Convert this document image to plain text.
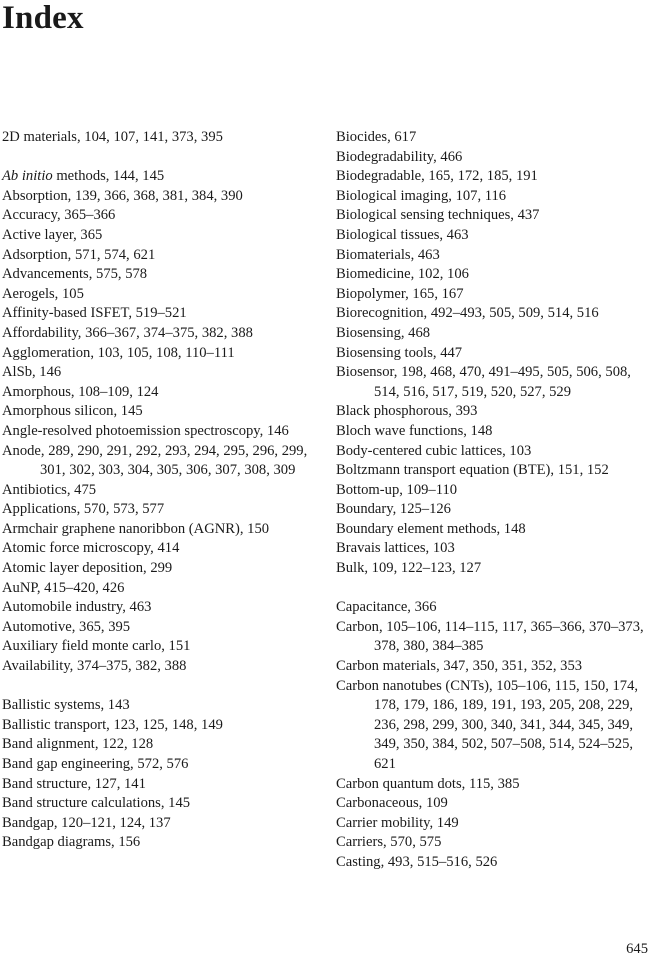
Index
2D materials, 104, 107, 141, 373, 395
Ab initio methods, 144, 145
Absorption, 139, 366, 368, 381, 384, 390
Accuracy, 365–366
Active layer, 365
Adsorption, 571, 574, 621
Advancements, 575, 578
Aerogels, 105
Affinity-based ISFET, 519–521
Affordability, 366–367, 374–375, 382, 388
Agglomeration, 103, 105, 108, 110–111
AlSb, 146
Amorphous, 108–109, 124
Amorphous silicon, 145
Angle-resolved photoemission spectroscopy, 146
Anode, 289, 290, 291, 292, 293, 294, 295, 296, 299, 301, 302, 303, 304, 305, 306, 307, 308, 309
Antibiotics, 475
Applications, 570, 573, 577
Armchair graphene nanoribbon (AGNR), 150
Atomic force microscopy, 414
Atomic layer deposition, 299
AuNP, 415–420, 426
Automobile industry, 463
Automotive, 365, 395
Auxiliary field monte carlo, 151
Availability, 374–375, 382, 388
Ballistic systems, 143
Ballistic transport, 123, 125, 148, 149
Band alignment, 122, 128
Band gap engineering, 572, 576
Band structure, 127, 141
Band structure calculations, 145
Bandgap, 120–121, 124, 137
Bandgap diagrams, 156
Biocides, 617
Biodegradability, 466
Biodegradable, 165, 172, 185, 191
Biological imaging, 107, 116
Biological sensing techniques, 437
Biological tissues, 463
Biomaterials, 463
Biomedicine, 102, 106
Biopolymer, 165, 167
Biorecognition, 492–493, 505, 509, 514, 516
Biosensing, 468
Biosensing tools, 447
Biosensor, 198, 468, 470, 491–495, 505, 506, 508, 514, 516, 517, 519, 520, 527, 529
Black phosphorous, 393
Bloch wave functions, 148
Body-centered cubic lattices, 103
Boltzmann transport equation (BTE), 151, 152
Bottom-up, 109–110
Boundary, 125–126
Boundary element methods, 148
Bravais lattices, 103
Bulk, 109, 122–123, 127
Capacitance, 366
Carbon, 105–106, 114–115, 117, 365–366, 370–373, 378, 380, 384–385
Carbon materials, 347, 350, 351, 352, 353
Carbon nanotubes (CNTs), 105–106, 115, 150, 174, 178, 179, 186, 189, 191, 193, 205, 208, 229, 236, 298, 299, 300, 340, 341, 344, 345, 349, 349, 350, 384, 502, 507–508, 514, 524–525, 621
Carbon quantum dots, 115, 385
Carbonaceous, 109
Carrier mobility, 149
Carriers, 570, 575
Casting, 493, 515–516, 526
645
